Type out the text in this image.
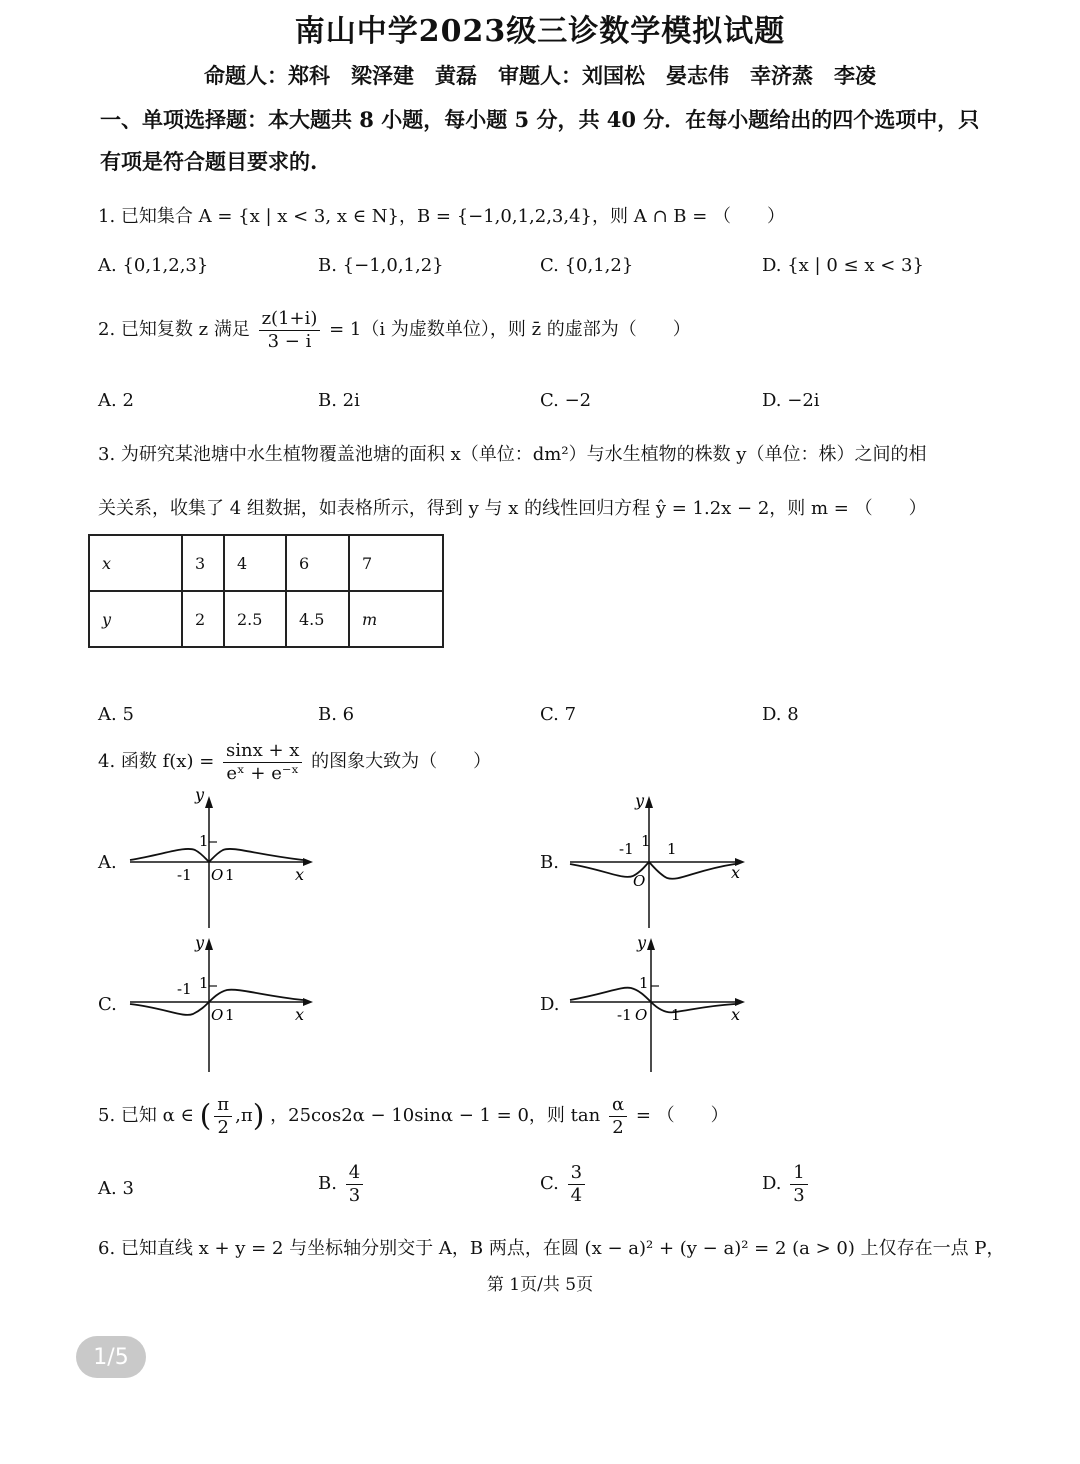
南山中学2023级三诊数学模拟试题
命题人：郑科　梁泽建　黄磊　审题人：刘国松　晏志伟　幸济蒸　李凌
一、单项选择题：本大题共 8 小题，每小题 5 分，共 40 分．在每小题给出的四个选项中，只
有项是符合题目要求的.
1. 已知集合 A = {x | x < 3, x ∈ N}，B = {−1,0,1,2,3,4}，则 A ∩ B = （　　）
A. {0,1,2,3}	B. {−1,0,1,2}	C. {0,1,2}	D. {x | 0 ≤ x < 3}
2. 已知复数 z 满足 $\frac{z(1+i)}{3 - i} = 1(i$ 为虚数单位），则 z̄ 的虚部为（　　）
A. 2	B. 2i	C. −2	D. −2i
3. 为研究某池塘中水生植物覆盖池塘的面积 x（单位：dm²）与水生植物的株数 y（单位：株）之间的相
关关系，收集了 4 组数据，如表格所示，得到 y 与 x 的线性回归方程 ŷ = 1.2x − 2，则 m = （　　）
x	3	4	6	7
y	2	2.5	4.5	m
A. 5	B. 6	C. 7	D. 8
4. 函数 $f(x) = \frac{\sin x + x}{\text{eˣ + e⁻ˣ}}$ 的图象大致为（　　）
A.	B.
C.	D.
y
1
-1 O 1	x
y
1
-1 1
O	x
y
1
-1
O 1	x
y
1
-1 O 1	x
5. 已知 α ∈ ( $\frac{\pi}{2} ,\pi$) ，25cos2α − 10sinα − 1 = 0，则 $\tan \frac{\alpha}{2}$ = （　　）
A. 3	B. $\frac{4}{3}$	C. $\frac{3}{4}$	D. $\frac{1}{3}$
6. 已知直线 x + y = 2 与坐标轴分别交于 A，B 两点，在圆 (x − a)² + (y − a)² = 2 (a > 0) 上仅存在一点 P，
第 1页/共 5页
1/5
